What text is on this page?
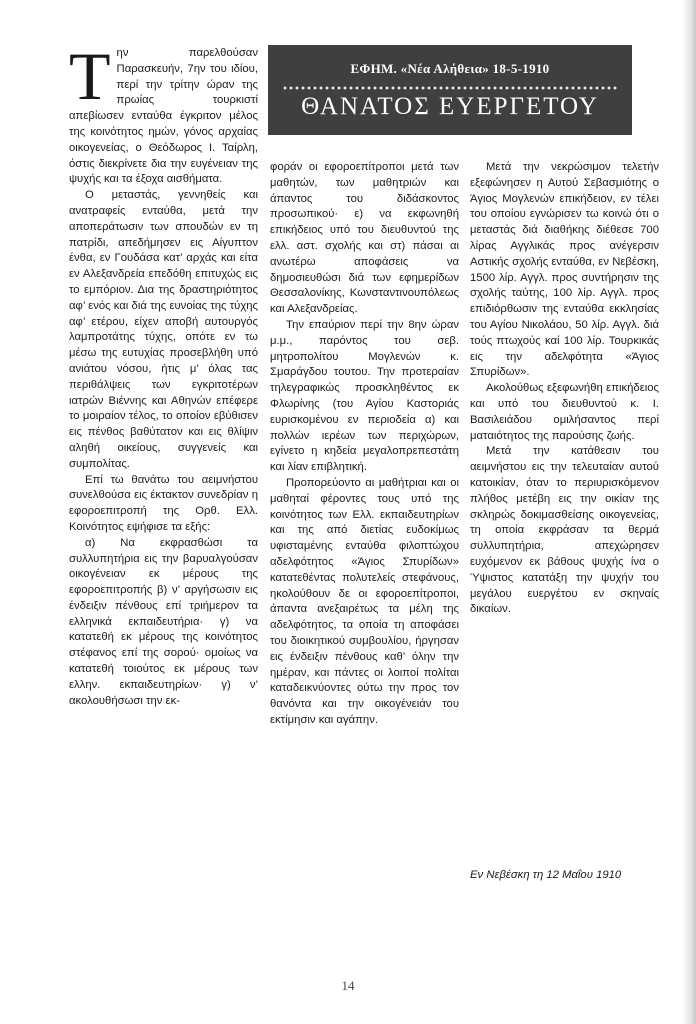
ΕΦΗΜ. «Νέα Αλήθεια» 18-5-1910
ΘΑΝΑΤΟΣ ΕΥΕΡΓΕΤΟΥ

Την παρελθούσαν Παρασκευήν, 7ην του ιδίου, περί την τρίτην ώραν της πρωίας τουρκιστί απεβίωσεν ενταύθα έγκριτον μέλος της κοινότητος ημών, γόνος αρχαίας οικογενείας, ο Θεόδωρος Ι. Ταίρλη, όστις διεκρίνετε δια την ευγένειαν της ψυχής και τα έξοχα αισθήματα.

Ο μεταστάς, γεννηθείς και ανατραφείς ενταύθα, μετά την αποπεράτωσιν των σπουδών εν τη πατρίδι, απεδήμησεν εις Αίγυπτον ένθα, εν Γουδάσα κατ’ αρχάς και είτα εν Αλεξανδρεία επεδόθη επιτυχώς εις το εμπόριον. Δια της δραστηριότητος αφ’ ενός και διά της ευνοίας της τύχης αφ’ ετέρου, είχεν αποβή αυτουργός λαμπροτάτης τύχης, οπότε εν τω μέσω της ευτυχίας προσεβλήθη υπό ανιάτου νόσου, ήτις μ’ όλας τας περιθάλψεις των εγκριτοτέρων ιατρών Βιέννης και Αθηνών επέφερε το μοιραίον τέλος, το οποίον εβύθισεν εις πένθος βαθύτατον και εις θλίψιν αληθή οικείους, συγγενείς και συμπολίτας.

Επί τω θανάτω του αειμνήστου συνελθούσα εις έκτακτον συνεδρίαν η εφοροεπιτροπή της Ορθ. Ελλ. Κοινότητος εψήφισε τα εξής:

α) Να εκφρασθώσι τα συλλυπητήρια εις την βαρυαλγούσαν οικογένειαν εκ μέρους της εφοροεπιτροπής β) ν’ αργήσωσιν εις ένδειξιν πένθους επί τριήμερον τα ελληνικά εκπαιδευτήρια· γ) να κατατεθή εκ μέρους της κοινότητος στέφανος επί της σορού· ομοίως να κατατεθή τοιούτος εκ μέρους των ελλην. εκπαιδευτηρίων· γ) ν’ ακολουθήσωσι την εκ-

φοράν οι εφοροεπίτροποι μετά των μαθητών, των μαθητριών και άπαντος του διδάσκοντος προσωπικού· ε) να εκφωνηθή επικήδειος υπό του διευθυντού της ελλ. αστ. σχολής και στ) πάσαι αι ανωτέρω αποφάσεις να δημοσιευθώσι διά των εφημερίδων Θεσσαλονίκης, Κωνσταντινουπόλεως και Αλεξανδρείας.

Την επαύριον περί την 8ην ώραν μ.μ., παρόντος του σεβ. μητροπολίτου Μογλενών κ. Σμαράγδου τουτου. Την προτεραίαν τηλεγραφικώς προσκληθέντος εκ Φλωρίνης (του Αγίου Καστοριάς ευρισκομένου εν περιοδεία α) και πολλών ιερέων των περιχώρων, εγίνετο η κηδεία μεγαλοπρεπεστάτη και λίαν επιβλητική.

Προπορεύοντο αι μαθήτριαι και οι μαθηταί φέροντες τους υπό της κοινότητος των Ελλ. εκπαιδευτηρίων και της από διετίας ευδοκίμως υφισταμένης ενταύθα φιλοπτώχου αδελφότητος «Άγιος Σπυρίδων» κατατεθέντας πολυτελείς στεφάνους, ηκολούθουν δε οι εφοροεπίτροποι, άπαντα ανεξαιρέτως τα μέλη της αδελφότητος, τα οποία τη αποφάσει του διοικητικού συμβουλίου, ήργησαν εις ένδειξιν πένθους καθ’ όλην την ημέραν, και πάντες οι λοιποί πολίται καταδεικνύοντες ούτω την προς τον θανόντα και την οικογένειάν του εκτίμησιν και αγάπην.

Μετά την νεκρώσιμον τελετήν εξεφώνησεν η Αυτού Σεβασμιότης ο Άγιος Μογλενών επικήδειον, εν τέλει του οποίου εγνώρισεν τω κοινώ ότι ο μεταστάς διά διαθήκης διέθεσε 700 λίρας Αγγλικάς προς ανέγερσιν Αστικής σχολής ενταύθα, εν Νεβέσκη, 1500 λίρ. Αγγλ. προς συντήρησιν της σχολής ταύτης, 100 λίρ. Αγγλ. προς επιδιόρθωσιν της ενταύθα εκκλησίας του Αγίου Νικολάου, 50 λίρ. Αγγλ. διά τούς πτωχούς καί 100 λίρ. Τουρκικάς εις την αδελφότητα «Άγιος Σπυρίδων».

Ακολούθως εξεφωνήθη επικήδειος και υπό του διευθυντού κ. Ι. Βασιλειάδου ομιλήσαντος περί ματαιότητος της παρούσης ζωής.

Μετά την κατάθεσιν του αειμνήστου εις την τελευταίαν αυτού κατοικίαν, όταν το περιυρισκόμενον πλήθος μετέβη εις την οικίαν της σκληρώς δοκιμασθείσης οικογενείας, τη οποία εκφράσαν τα θερμά συλλυπητήρια, απεχώρησεν ευχόμενον εκ βάθους ψυχής ίνα ο Ύψιστος κατατάξη την ψυχήν του μεγάλου ευεργέτου εν σκηναίς δικαίων.

Εν Νεβέσκη τη 12 Μαΐου 1910
14
